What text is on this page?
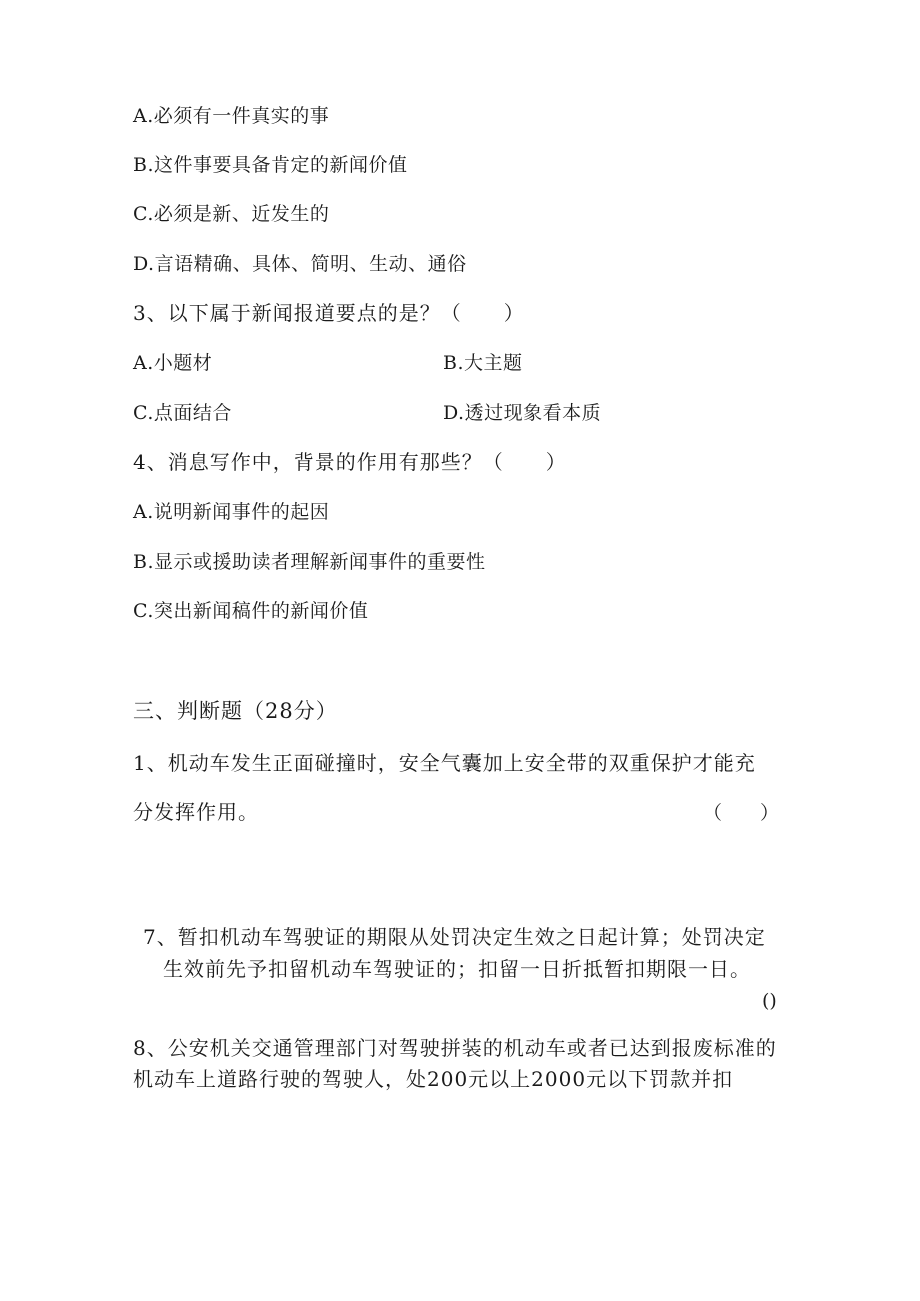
A.必须有一件真实的事
B.这件事要具备肯定的新闻价值
C.必须是新、近发生的
D.言语精确、具体、简明、生动、通俗
3、以下属于新闻报道要点的是？（　　）
A.小题材	B.大主题
C.点面结合	D.透过现象看本质
4、消息写作中，背景的作用有那些？（　　）
A.说明新闻事件的起因
B.显示或援助读者理解新闻事件的重要性
C.突出新闻稿件的新闻价值
三、判断题（28分）
1、机动车发生正面碰撞时，安全气囊加上安全带的双重保护才能充
分发挥作用。	（　　）
7、暂扣机动车驾驶证的期限从处罚决定生效之日起计算；处罚决定
生效前先予扣留机动车驾驶证的；扣留一日折抵暂扣期限一日。
()
8、公安机关交通管理部门对驾驶拼装的机动车或者已达到报废标准的
机动车上道路行驶的驾驶人，处200元以上2000元以下罚款并扣
